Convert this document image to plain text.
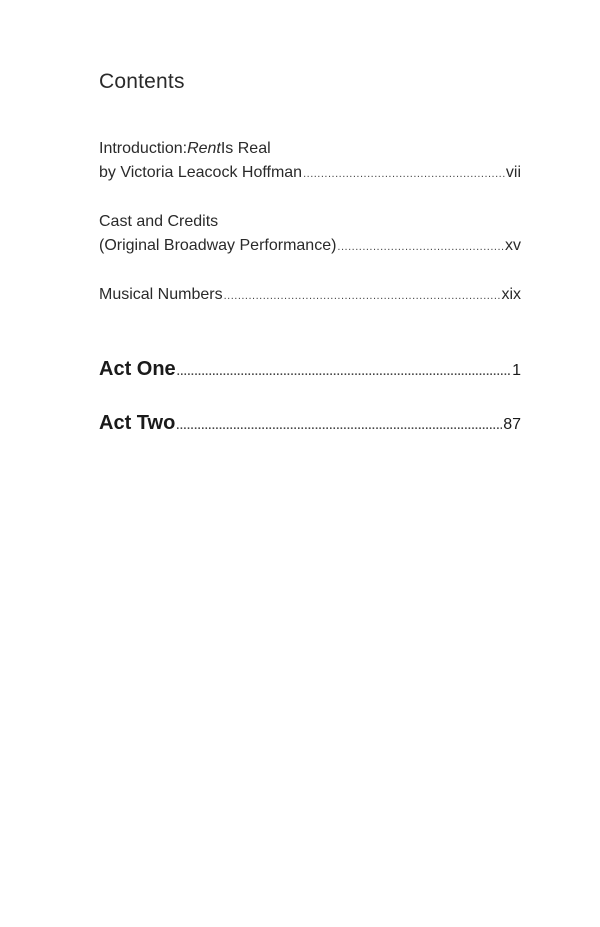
Contents
Introduction: Rent Is Real
by Victoria Leacock Hoffman .....	vii
Cast and Credits
(Original Broadway Performance) .....	xv
Musical Numbers .....	xix
Act One .....	1
Act Two .....	87
